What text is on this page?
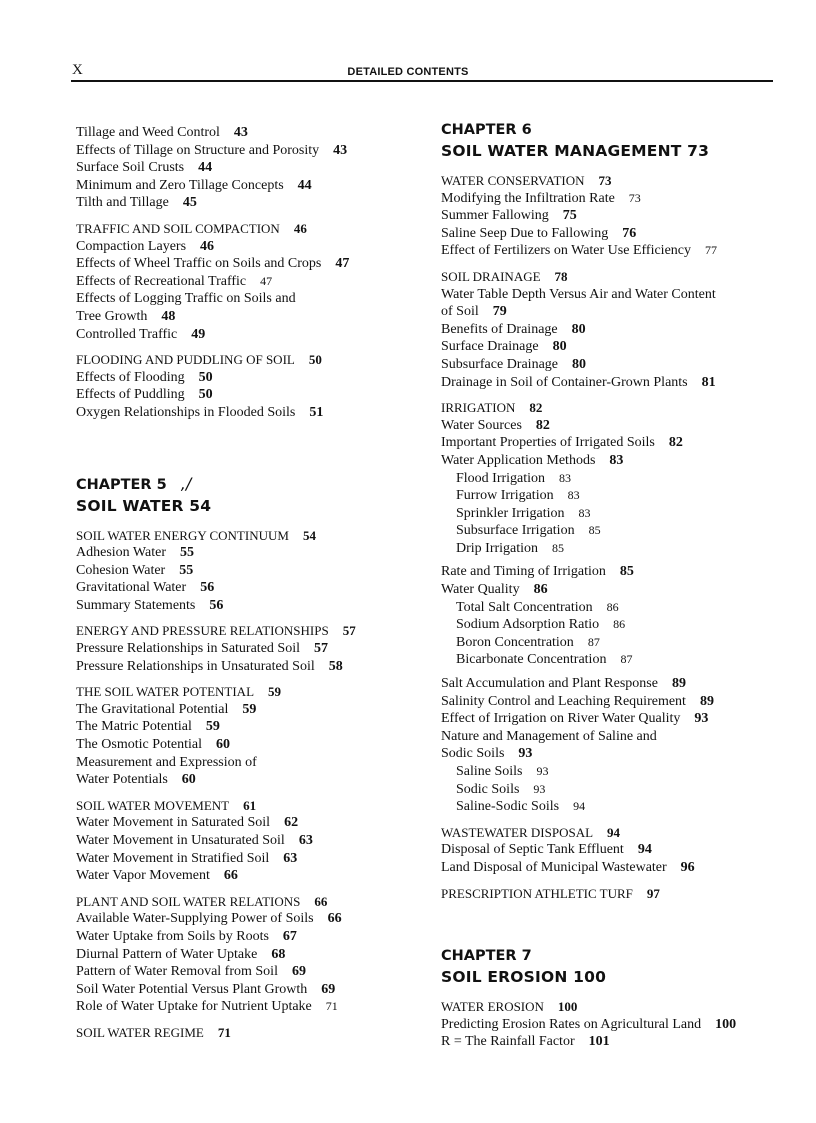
X	DETAILED CONTENTS
Tillage and Weed Control 43
Effects of Tillage on Structure and Porosity 43
Surface Soil Crusts 44
Minimum and Zero Tillage Concepts 44
Tilth and Tillage 45
TRAFFIC AND SOIL COMPACTION 46
Compaction Layers 46
Effects of Wheel Traffic on Soils and Crops 47
Effects of Recreational Traffic 47
Effects of Logging Traffic on Soils and
Tree Growth 48
Controlled Traffic 49
FLOODING AND PUDDLING OF SOIL 50
Effects of Flooding 50
Effects of Puddling 50
Oxygen Relationships in Flooded Soils 51
CHAPTER 5 ,/
SOIL WATER 54
SOIL WATER ENERGY CONTINUUM 54
Adhesion Water 55
Cohesion Water 55
Gravitational Water 56
Summary Statements 56
ENERGY AND PRESSURE RELATIONSHIPS 57
Pressure Relationships in Saturated Soil 57
Pressure Relationships in Unsaturated Soil 58
THE SOIL WATER POTENTIAL 59
The Gravitational Potential 59
The Matric Potential 59
The Osmotic Potential 60
Measurement and Expression of
Water Potentials 60
SOIL WATER MOVEMENT 61
Water Movement in Saturated Soil 62
Water Movement in Unsaturated Soil 63
Water Movement in Stratified Soil 63
Water Vapor Movement 66
PLANT AND SOIL WATER RELATIONS 66
Available Water-Supplying Power of Soils 66
Water Uptake from Soils by Roots 67
Diurnal Pattern of Water Uptake 68
Pattern of Water Removal from Soil 69
Soil Water Potential Versus Plant Growth 69
Role of Water Uptake for Nutrient Uptake 71
SOIL WATER REGIME 71
CHAPTER 6
SOIL WATER MANAGEMENT 73
WATER CONSERVATION 73
Modifying the Infiltration Rate 73
Summer Fallowing 75
Saline Seep Due to Fallowing 76
Effect of Fertilizers on Water Use Efficiency 77
SOIL DRAINAGE 78
Water Table Depth Versus Air and Water Content
of Soil 79
Benefits of Drainage 80
Surface Drainage 80
Subsurface Drainage 80
Drainage in Soil of Container-Grown Plants 81
IRRIGATION 82
Water Sources 82
Important Properties of Irrigated Soils 82
Water Application Methods 83
Flood Irrigation 83
Furrow Irrigation 83
Sprinkler Irrigation 83
Subsurface Irrigation 85
Drip Irrigation 85
Rate and Timing of Irrigation 85
Water Quality 86
Total Salt Concentration 86
Sodium Adsorption Ratio 86
Boron Concentration 87
Bicarbonate Concentration 87
Salt Accumulation and Plant Response 89
Salinity Control and Leaching Requirement 89
Effect of Irrigation on River Water Quality 93
Nature and Management of Saline and
Sodic Soils 93
Saline Soils 93
Sodic Soils 93
Saline-Sodic Soils 94
WASTEWATER DISPOSAL 94
Disposal of Septic Tank Effluent 94
Land Disposal of Municipal Wastewater 96
PRESCRIPTION ATHLETIC TURF 97
CHAPTER 7
SOIL EROSION 100
WATER EROSION 100
Predicting Erosion Rates on Agricultural Land 100
R = The Rainfall Factor 101
